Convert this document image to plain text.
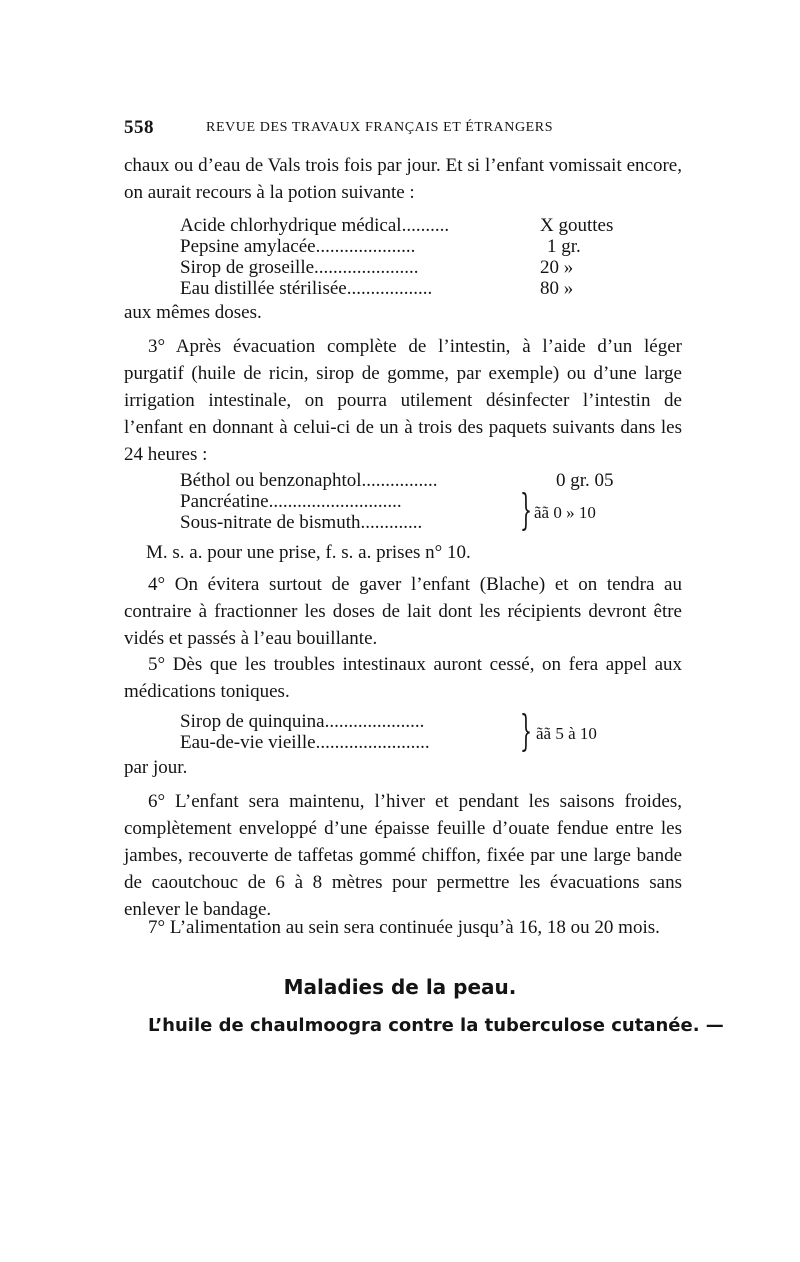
558	REVUE DES TRAVAUX FRANÇAIS ET ÉTRANGERS
chaux ou d’eau de Vals trois fois par jour. Et si l’enfant vomissait encore, on aurait recours à la potion suivante :
Acide chlorhydrique médical..........	X gouttes
Pepsine amylacée.....................	1 gr.
Sirop de groseille......................	20 »
Eau distillée stérilisée..................	80 »
aux mêmes doses.
3° Après évacuation complète de l’intestin, à l’aide d’un léger purgatif (huile de ricin, sirop de gomme, par exemple) ou d’une large irrigation intestinale, on pourra utilement désinfecter l’intestin de l’enfant en donnant à celui-ci de un à trois des paquets suivants dans les 24 heures :
Béthol ou benzonaphtol................	0 gr. 05
Pancréatine............................
Sous-nitrate de bismuth............. } ãã 0 » 10
M. s. a. pour une prise, f. s. a. prises n° 10.
4° On évitera surtout de gaver l’enfant (Blache) et on tendra au contraire à fractionner les doses de lait dont les récipients devront être vidés et passés à l’eau bouillante.
5° Dès que les troubles intestinaux auront cessé, on fera appel aux médications toniques.
Sirop de quinquina.....................
Eau-de-vie vieille........................ } ãã 5 à 10
par jour.
6° L’enfant sera maintenu, l’hiver et pendant les saisons froides, complètement enveloppé d’une épaisse feuille d’ouate fendue entre les jambes, recouverte de taffetas gommé chiffon, fixée par une large bande de caoutchouc de 6 à 8 mètres pour permettre les évacuations sans enlever le bandage.
7° L’alimentation au sein sera continuée jusqu’à 16, 18 ou 20 mois.
Maladies de la peau.
L’huile de chaulmoogra contre la tuberculose cutanée. —
